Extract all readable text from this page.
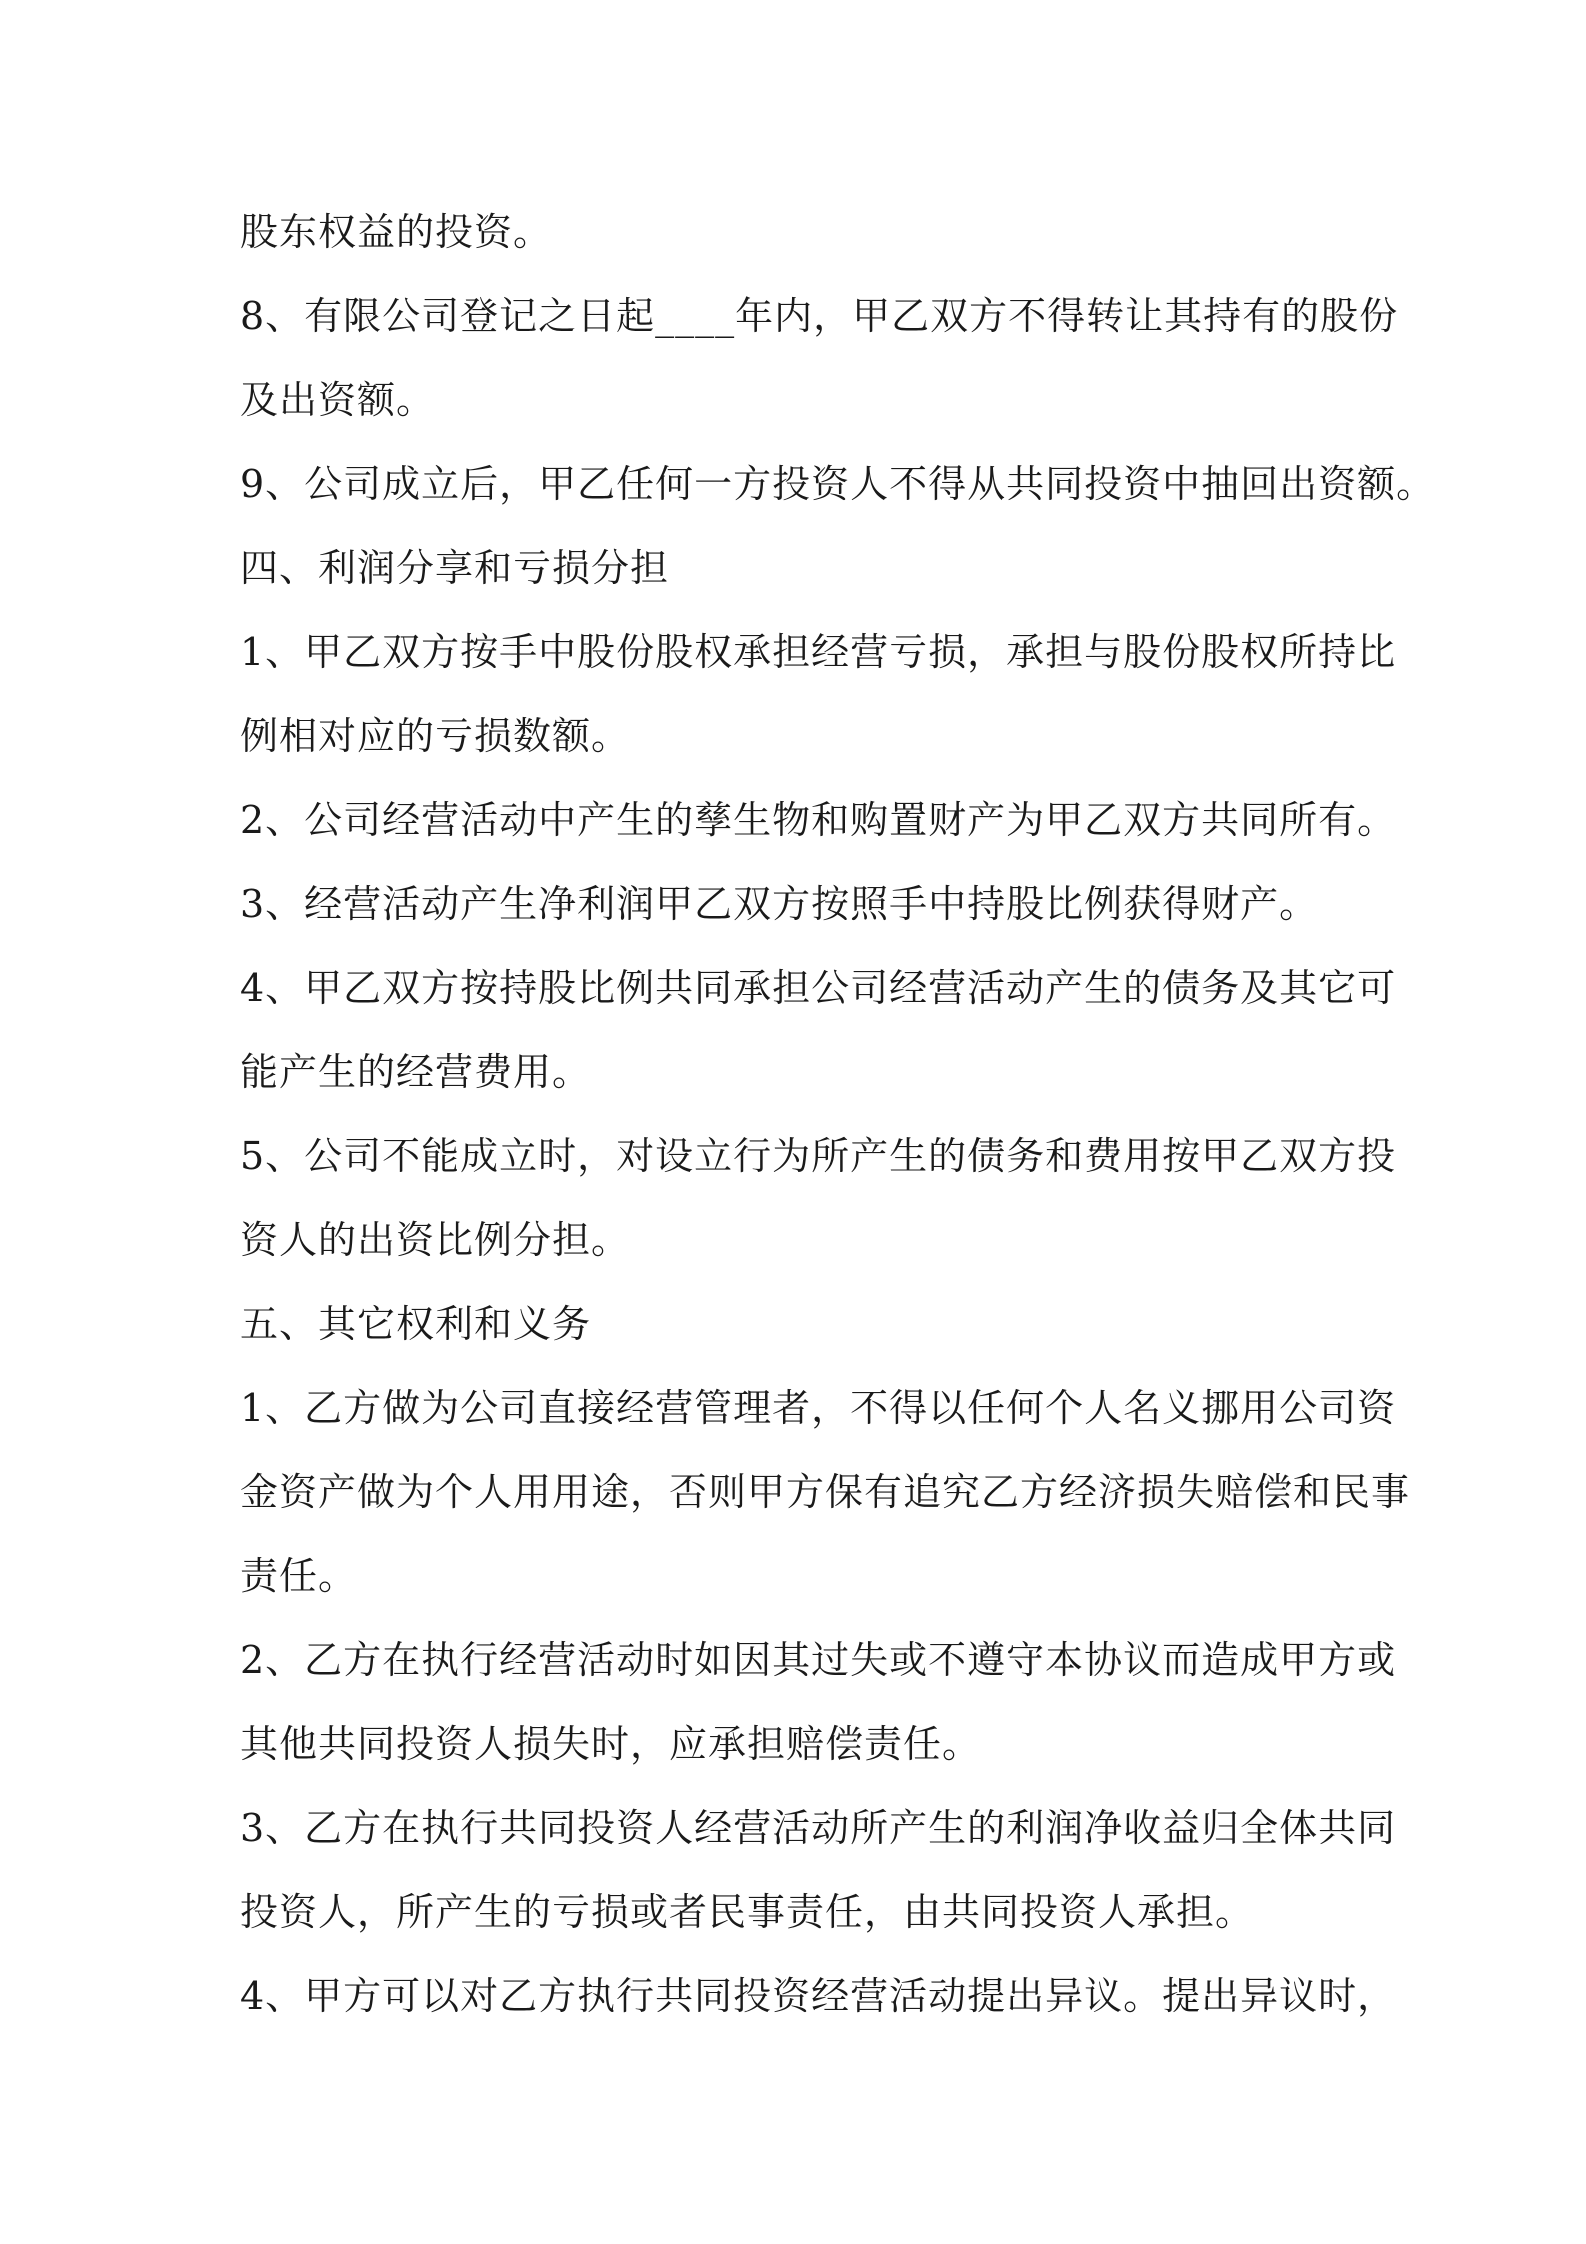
股东权益的投资。
8、有限公司登记之日起____年内，甲乙双方不得转让其持有的股份
及出资额。
9、公司成立后，甲乙任何一方投资人不得从共同投资中抽回出资额。
四、利润分享和亏损分担
1、甲乙双方按手中股份股权承担经营亏损，承担与股份股权所持比
例相对应的亏损数额。
2、公司经营活动中产生的孳生物和购置财产为甲乙双方共同所有。
3、经营活动产生净利润甲乙双方按照手中持股比例获得财产。
4、甲乙双方按持股比例共同承担公司经营活动产生的债务及其它可
能产生的经营费用。
5、公司不能成立时，对设立行为所产生的债务和费用按甲乙双方投
资人的出资比例分担。
五、其它权利和义务
1、乙方做为公司直接经营管理者，不得以任何个人名义挪用公司资
金资产做为个人用用途，否则甲方保有追究乙方经济损失赔偿和民事
责任。
2、乙方在执行经营活动时如因其过失或不遵守本协议而造成甲方或
其他共同投资人损失时，应承担赔偿责任。
3、乙方在执行共同投资人经营活动所产生的利润净收益归全体共同
投资人，所产生的亏损或者民事责任，由共同投资人承担。
4、甲方可以对乙方执行共同投资经营活动提出异议。提出异议时，
